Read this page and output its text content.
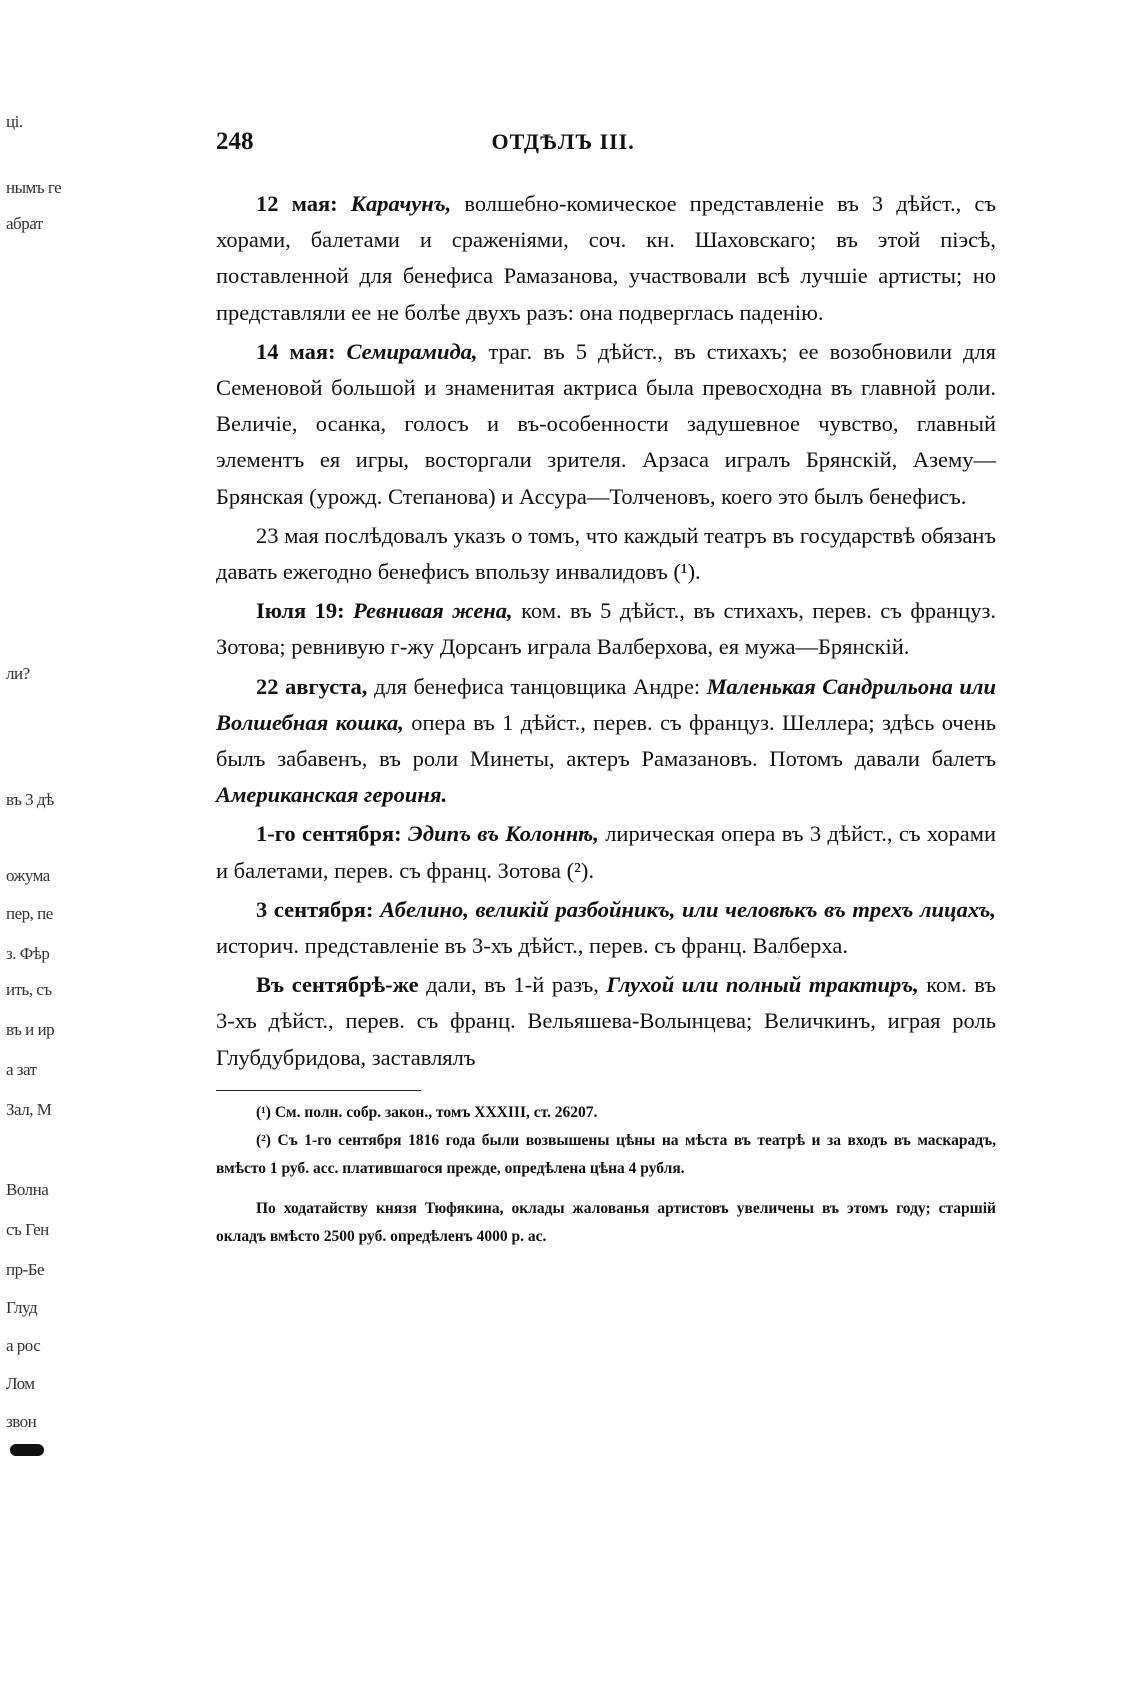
ці.
нымъ ге
абрат
ли?
въ 3 дѣ
ожума
пер, пе
з. Фѣр
ить, съ
въ и ир
а зат
Зал, М
Волна
съ Ген
пр-Бе
Глуд
а рос
Лом
звон
248	ОТДѢЛЪ III.

12 мая: Карачунъ, волшебно-комическое представленіе въ 3 дѣйст., съ хорами, балетами и сраженіями, соч. кн. Шаховскаго; въ этой піэсѣ, поставленной для бенефиса Рамазанова, участвовали всѣ лучшіе артисты; но представляли ее не болѣе двухъ разъ: она подверглась паденію.

14 мая: Семирамида, траг. въ 5 дѣйст., въ стихахъ; ее возобновили для Семеновой большой и знаменитая актриса была превосходна въ главной роли. Величіе, осанка, голосъ и въ-особенности задушевное чувство, главный элементъ ея игры, восторгали зрителя. Арзаса игралъ Брянскій, Азему—Брянская (урожд. Степанова) и Ассура—Толченовъ, коего это былъ бенефисъ.

23 мая послѣдовалъ указъ о томъ, что каждый театръ въ государствѣ обязанъ давать ежегодно бенефисъ впользу инвалидовъ (¹).

Іюля 19: Ревнивая жена, ком. въ 5 дѣйст., въ стихахъ, перев. съ француз. Зотова; ревнивую г-жу Дорсанъ играла Валберхова, ея мужа—Брянскій.

22 августа, для бенефиса танцовщика Андре: Маленькая Сандрильона или Волшебная кошка, опера въ 1 дѣйст., перев. съ француз. Шеллера; здѣсь очень былъ забавенъ, въ роли Минеты, актеръ Рамазановъ. Потомъ давали балетъ Американская героиня.

1-го сентября: Эдипъ въ Колоннѣ, лирическая опера въ 3 дѣйст., съ хорами и балетами, перев. съ франц. Зотова (²).

3 сентября: Абелино, великій разбойникъ, или человѣкъ въ трехъ лицахъ, историч. представленіе въ 3-хъ дѣйст., перев. съ франц. Валберха.

Въ сентябрѣ-же дали, въ 1-й разъ, Глухой или полный трактиръ, ком. въ 3-хъ дѣйст., перев. съ франц. Вельяшева-Волынцева; Величкинъ, играя роль Глубдубридова, заставлялъ

(¹) См. полн. собр. закон., томъ XXXIII, ст. 26207.

(²) Съ 1-го сентября 1816 года были возвышены цѣны на мѣста въ театрѣ и за входъ въ маскарадъ, вмѣсто 1 руб. асс. платившагося прежде, опредѣлена цѣна 4 рубля.

По ходатайству князя Тюфякина, оклады жалованья артистовъ увеличены въ этомъ году; старшій окладъ вмѣсто 2500 руб. опредѣленъ 4000 р. ас.
